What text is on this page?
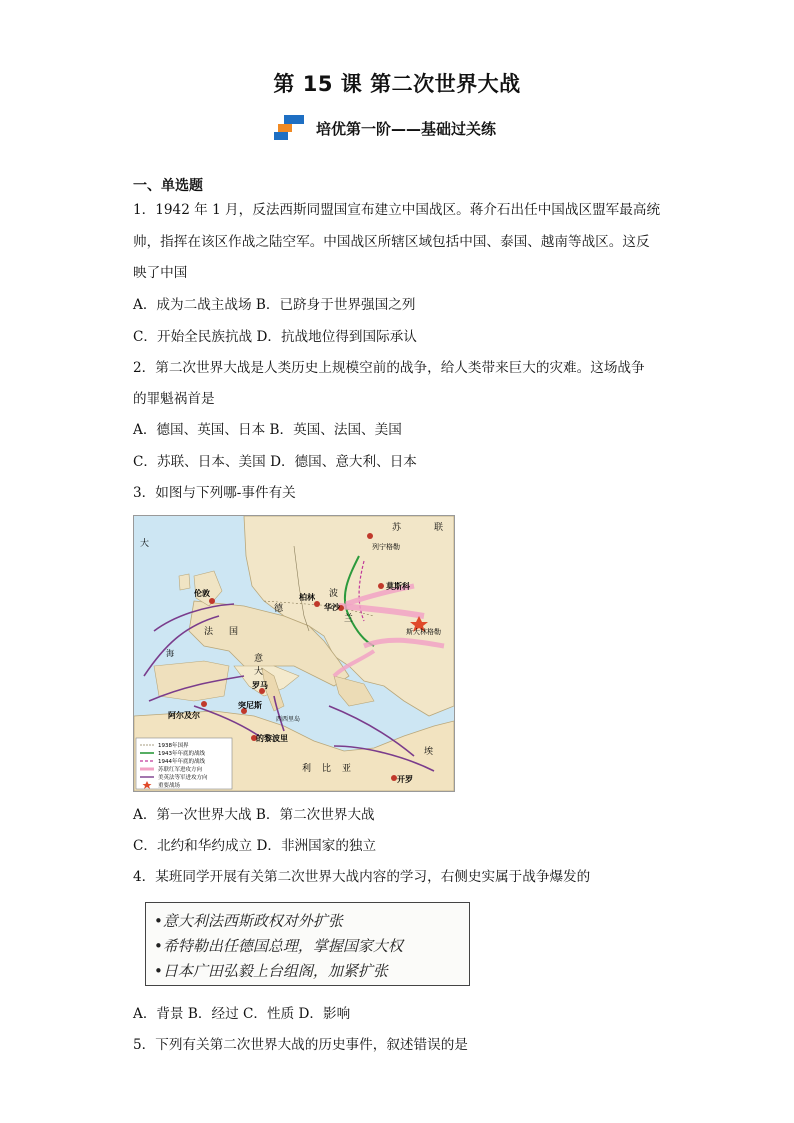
第 15 课 第二次世界大战
培优第一阶——基础过关练
一、单选题
1．1942 年 1 月，反法西斯同盟国宣布建立中国战区。蒋介石出任中国战区盟军最高统
帅，指挥在该区作战之陆空军。中国战区所辖区域包括中国、泰国、越南等战区。这反
映了中国
A．成为二战主战场 B．已跻身于世界强国之列
C．开始全民族抗战 D．抗战地位得到国际承认
2．第二次世界大战是人类历史上规模空前的战争，给人类带来巨大的灾难。这场战争
的罪魁祸首是
A．德国、英国、日本 B．英国、法国、美国
C．苏联、日本、美国 D．德国、意大利、日本
3．如图与下列哪-事件有关
苏	联
列宁格勒
莫斯科
斯大林格勒
伦敦	柏林
华沙
法 国
罗马
突尼斯
阿尔及尔
的黎波里
西西里岛
开罗
利 比 亚
埃
海
大
德
意
大
波
兰
1938年国界
1943年年底的战线
1944年年底的战线
苏联红军进攻方向
美英法等军进攻方向
重要战场
A．第一次世界大战 B．第二次世界大战
C．北约和华约成立 D．非洲国家的独立
4．某班同学开展有关第二次世界大战内容的学习，右侧史实属于战争爆发的
•意大利法西斯政权对外扩张
•希特勒出任德国总理，掌握国家大权
•日本广田弘毅上台组阁，加紧扩张
A．背景 B．经过 C．性质 D．影响
5．下列有关第二次世界大战的历史事件，叙述错误的是
